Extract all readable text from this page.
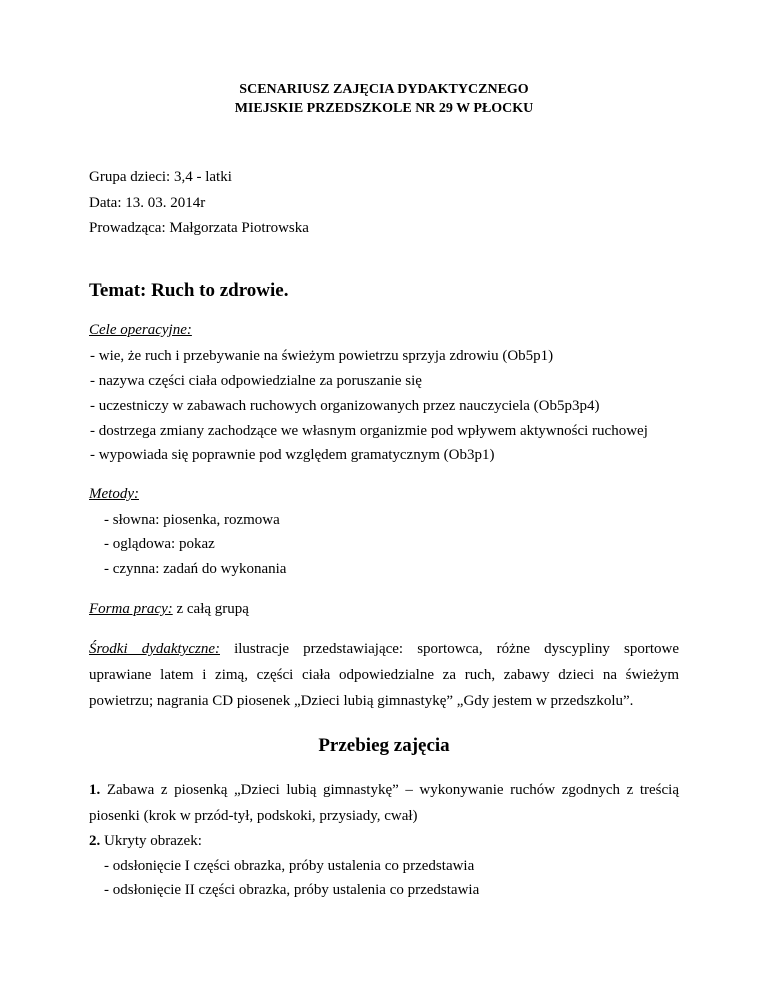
SCENARIUSZ ZAJĘCIA DYDAKTYCZNEGO
MIEJSKIE PRZEDSZKOLE NR 29 W PŁOCKU
Grupa dzieci: 3,4 - latki
Data: 13. 03. 2014r
Prowadząca: Małgorzata Piotrowska
Temat: Ruch to zdrowie.
Cele operacyjne:
- wie, że ruch i przebywanie na świeżym powietrzu sprzyja zdrowiu (Ob5p1)
- nazywa części ciała odpowiedzialne za poruszanie się
- uczestniczy w zabawach ruchowych organizowanych przez nauczyciela (Ob5p3p4)
- dostrzega zmiany zachodzące we własnym organizmie pod wpływem aktywności ruchowej
- wypowiada się poprawnie pod względem gramatycznym (Ob3p1)
Metody:
- słowna: piosenka, rozmowa
- oglądowa: pokaz
- czynna: zadań do wykonania
Forma pracy: z całą grupą
Środki dydaktyczne: ilustracje przedstawiające: sportowca, różne dyscypliny sportowe
uprawiane latem i zimą, części ciała odpowiedzialne za ruch, zabawy dzieci na świeżym
powietrzu; nagrania CD piosenek „Dzieci lubią gimnastykę” „Gdy jestem w przedszkolu”.
Przebieg zajęcia
1. Zabawa z piosenką „Dzieci lubią gimnastykę” – wykonywanie ruchów zgodnych z treścią
piosenki (krok w przód-tył, podskoki, przysiady, cwał)
2. Ukryty obrazek:
- odsłonięcie I części obrazka, próby ustalenia co przedstawia
- odsłonięcie II części obrazka, próby ustalenia co przedstawia
